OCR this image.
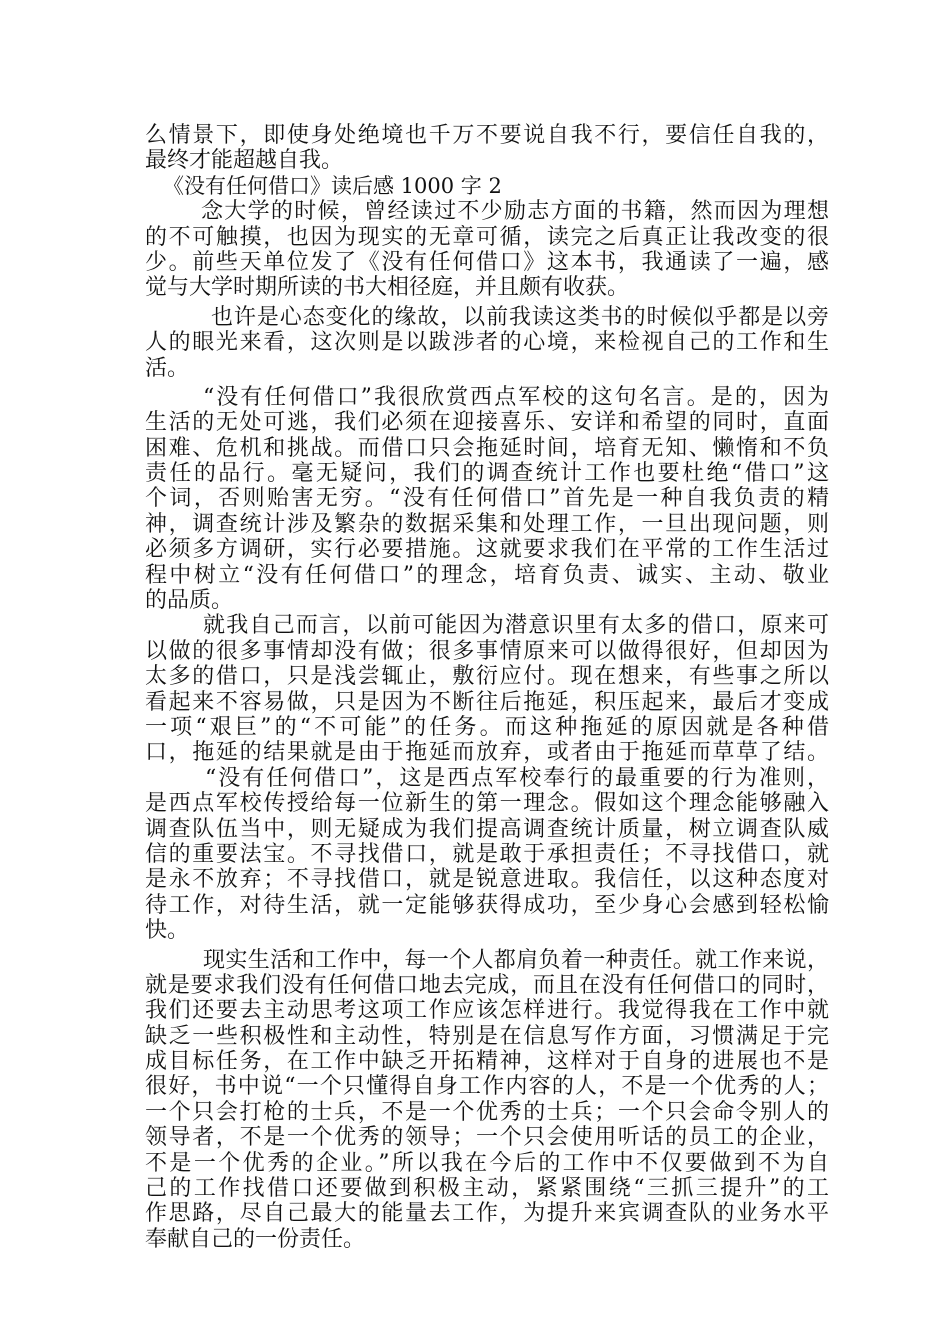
么情景下，即使身处绝境也千万不要说自我不行，要信任自我的，
最终才能超越自我。
《没有任何借口》读后感 1000 字 2
念大学的时候，曾经读过不少励志方面的书籍，然而因为理想
的不可触摸，也因为现实的无章可循，读完之后真正让我改变的很
少。前些天单位发了《没有任何借口》这本书，我通读了一遍，感
觉与大学时期所读的书大相径庭，并且颇有收获。
也许是心态变化的缘故，以前我读这类书的时候似乎都是以旁
人的眼光来看，这次则是以跋涉者的心境，来检视自己的工作和生
活。
“没有任何借口”我很欣赏西点军校的这句名言。是的，因为
生活的无处可逃，我们必须在迎接喜乐、安详和希望的同时，直面
困难、危机和挑战。而借口只会拖延时间，培育无知、懒惰和不负
责任的品行。毫无疑问，我们的调查统计工作也要杜绝“借口”这
个词，否则贻害无穷。“没有任何借口”首先是一种自我负责的精
神，调查统计涉及繁杂的数据采集和处理工作，一旦出现问题，则
必须多方调研，实行必要措施。这就要求我们在平常的工作生活过
程中树立“没有任何借口”的理念，培育负责、诚实、主动、敬业
的品质。
就我自己而言，以前可能因为潜意识里有太多的借口，原来可
以做的很多事情却没有做；很多事情原来可以做得很好，但却因为
太多的借口，只是浅尝辄止，敷衍应付。现在想来，有些事之所以
看起来不容易做，只是因为不断往后拖延，积压起来，最后才变成
一项“艰巨”的“不可能”的任务。而这种拖延的原因就是各种借
口，拖延的结果就是由于拖延而放弃，或者由于拖延而草草了结。
“没有任何借口”，这是西点军校奉行的最重要的行为准则，
是西点军校传授给每一位新生的第一理念。假如这个理念能够融入
调查队伍当中，则无疑成为我们提高调查统计质量，树立调查队威
信的重要法宝。不寻找借口，就是敢于承担责任；不寻找借口，就
是永不放弃；不寻找借口，就是锐意进取。我信任，以这种态度对
待工作，对待生活，就一定能够获得成功，至少身心会感到轻松愉
快。
现实生活和工作中，每一个人都肩负着一种责任。就工作来说，
就是要求我们没有任何借口地去完成，而且在没有任何借口的同时，
我们还要去主动思考这项工作应该怎样进行。我觉得我在工作中就
缺乏一些积极性和主动性，特别是在信息写作方面，习惯满足于完
成目标任务，在工作中缺乏开拓精神，这样对于自身的进展也不是
很好，书中说“一个只懂得自身工作内容的人，不是一个优秀的人；
一个只会打枪的士兵，不是一个优秀的士兵；一个只会命令别人的
领导者，不是一个优秀的领导；一个只会使用听话的员工的企业，
不是一个优秀的企业。”所以我在今后的工作中不仅要做到不为自
己的工作找借口还要做到积极主动，紧紧围绕“三抓三提升”的工
作思路，尽自己最大的能量去工作，为提升来宾调查队的业务水平
奉献自己的一份责任。
